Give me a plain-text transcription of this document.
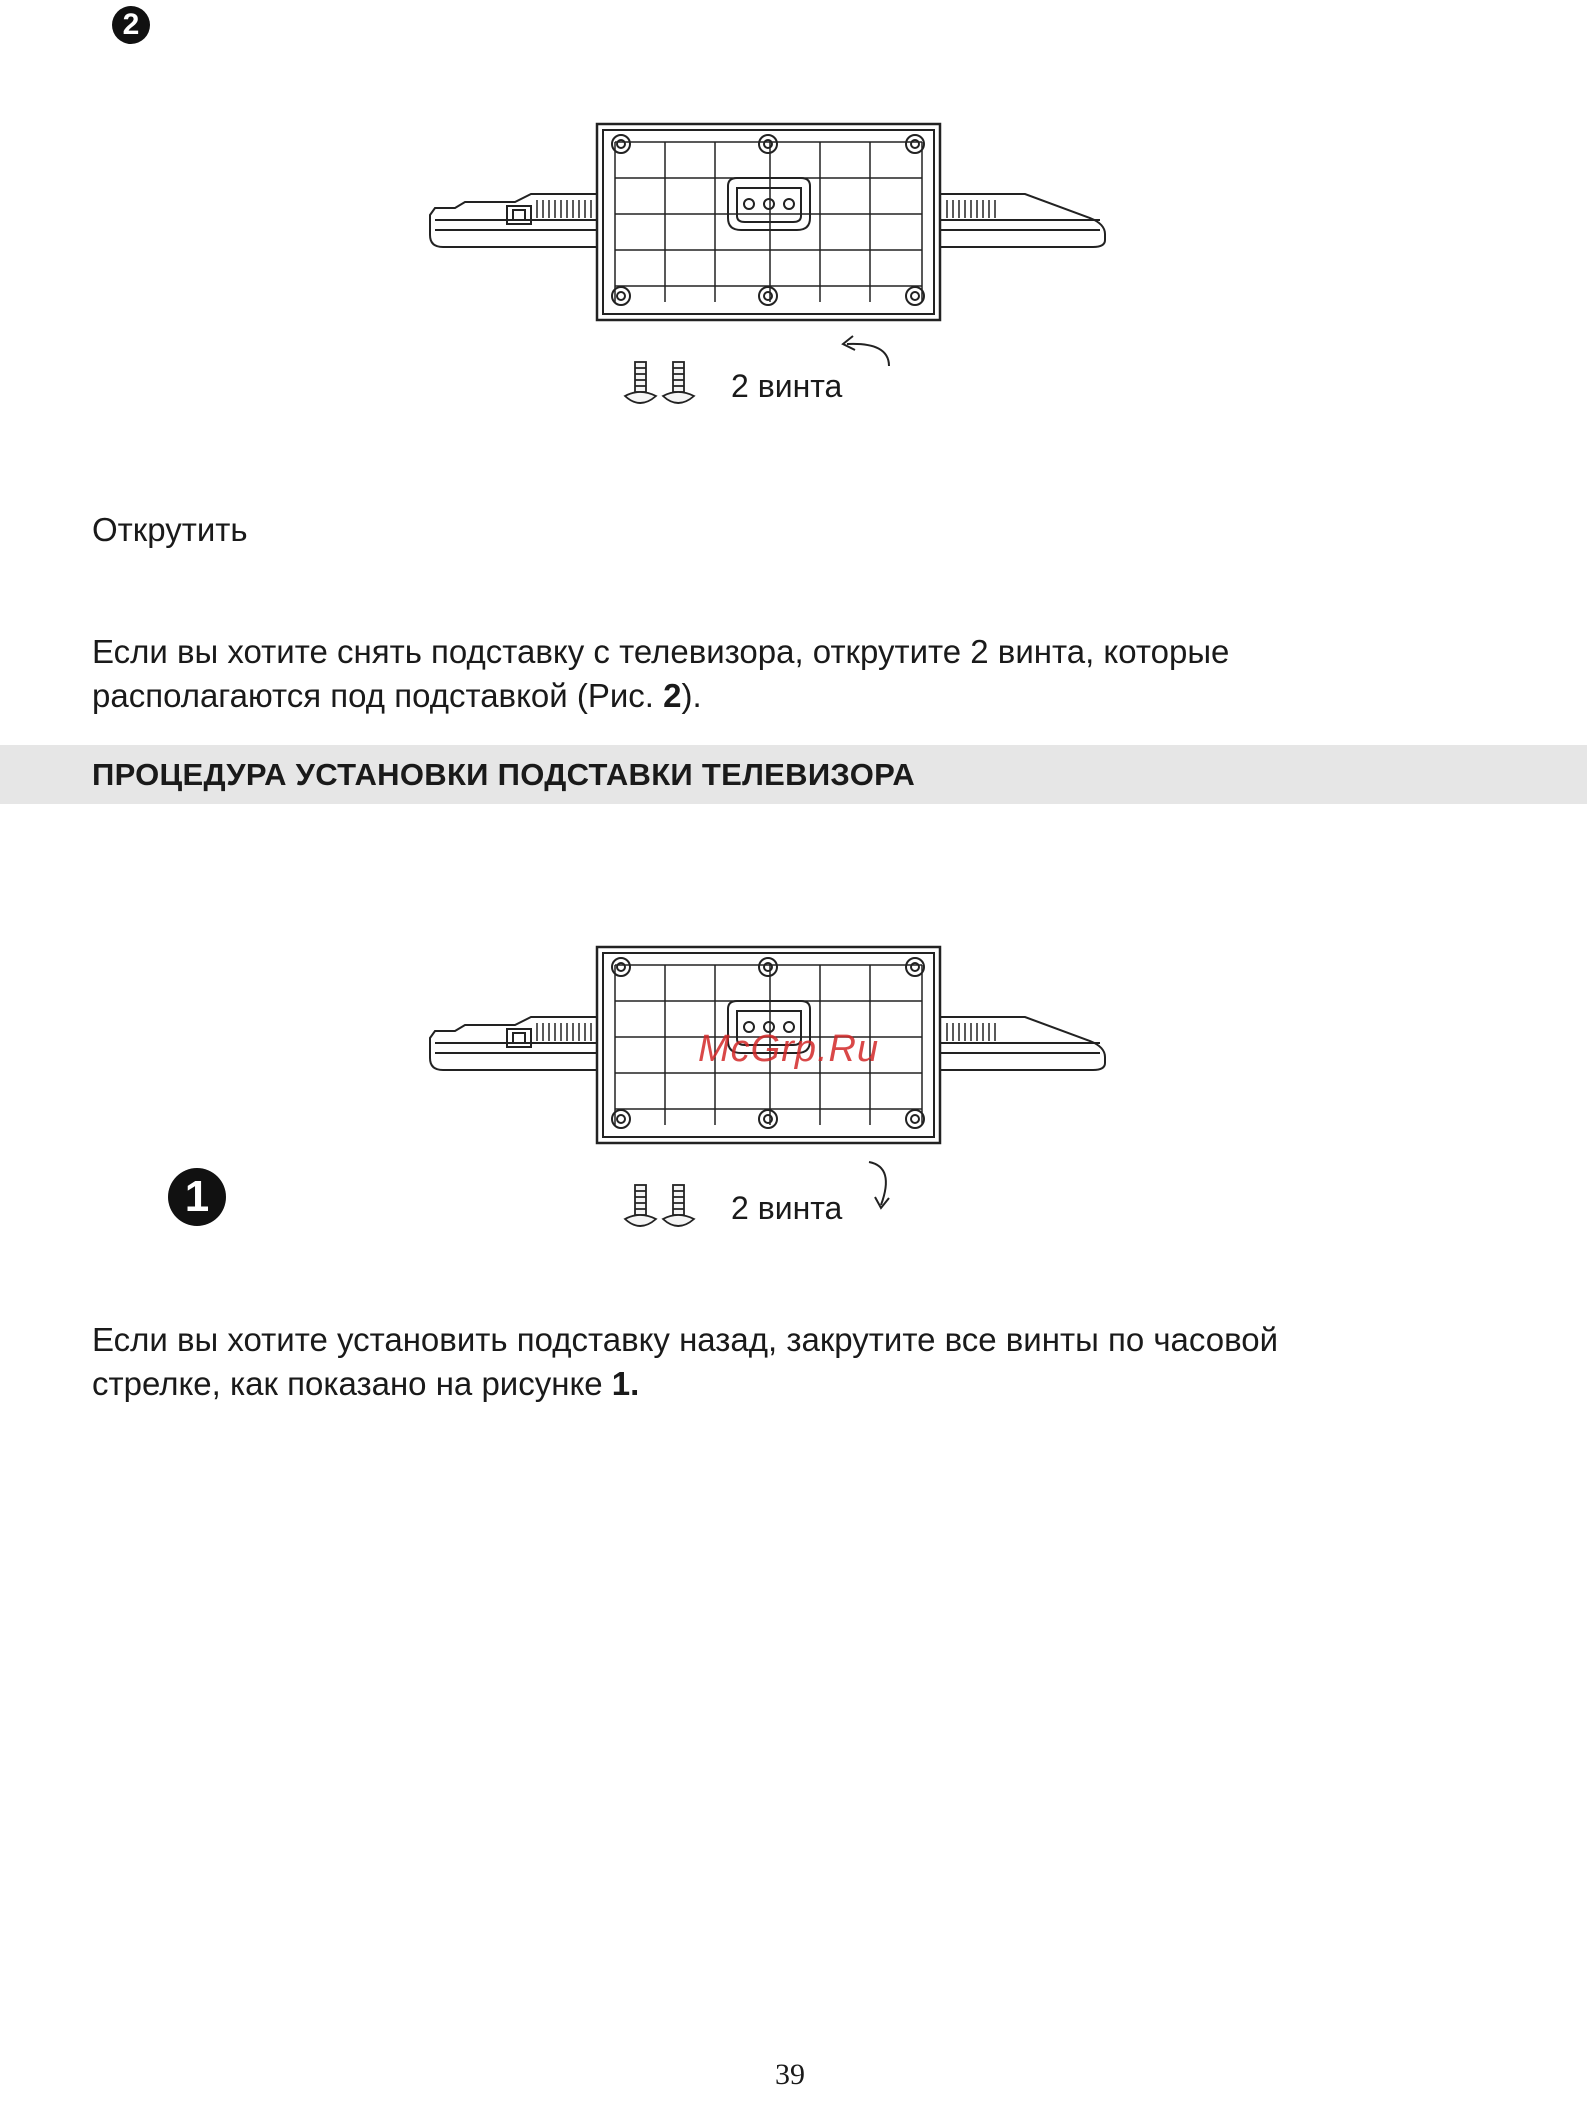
2
2 винта
Открутить
Если вы хотите снять подставку с телевизора, открутите 2 винта, которые
располагаются под подставкой (Рис. 2).
ПРОЦЕДУРА УСТАНОВКИ ПОДСТАВКИ ТЕЛЕВИЗОРА
McGrp.Ru
1	2 винта
Если вы хотите установить подставку назад, закрутите все винты по часовой
стрелке, как показано на рисунке 1.
39
